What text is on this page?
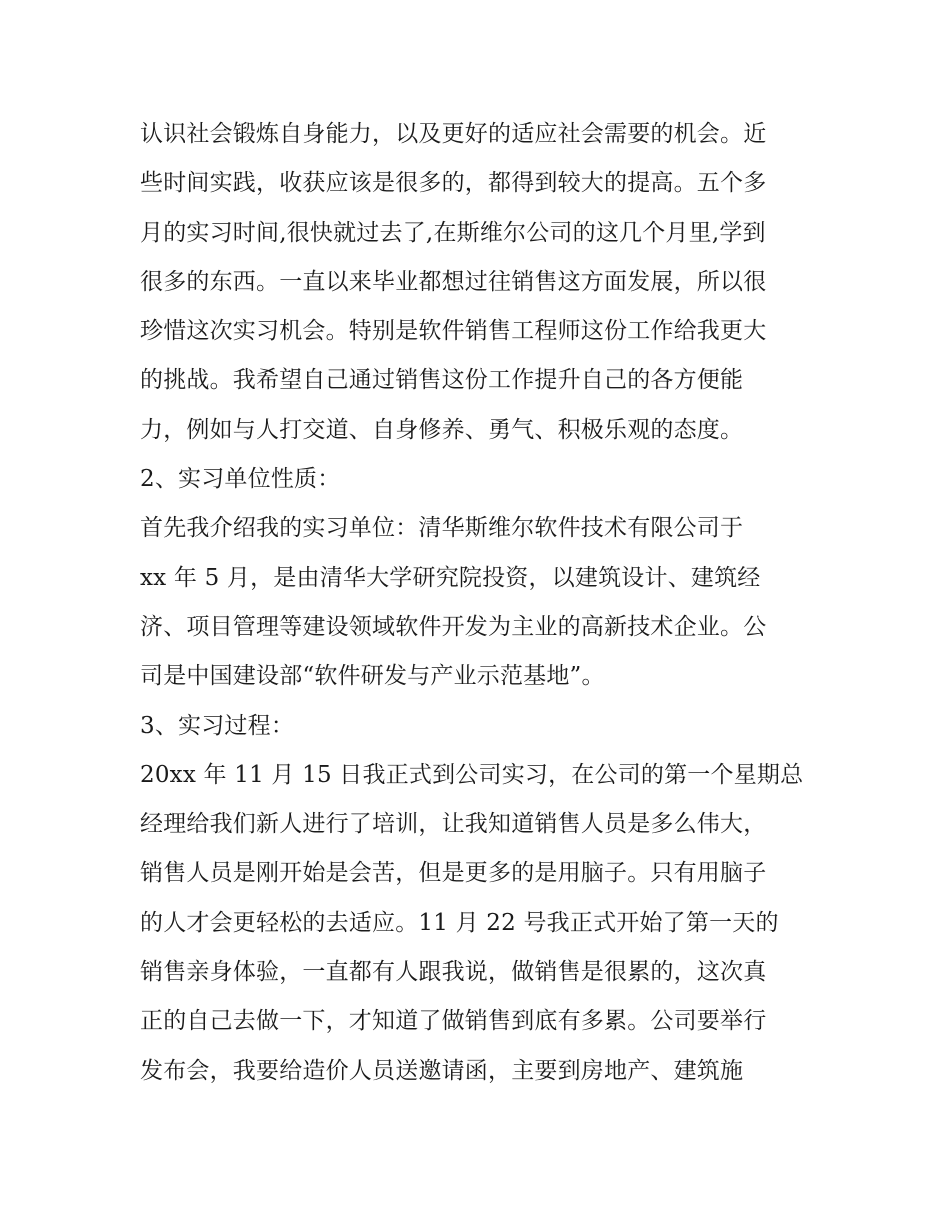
认识社会锻炼自身能力，以及更好的适应社会需要的机会。近
些时间实践，收获应该是很多的，都得到较大的提高。五个多
月的实习时间,很快就过去了,在斯维尔公司的这几个月里,学到
很多的东西。一直以来毕业都想过往销售这方面发展，所以很
珍惜这次实习机会。特别是软件销售工程师这份工作给我更大
的挑战。我希望自己通过销售这份工作提升自己的各方便能
力，例如与人打交道、自身修养、勇气、积极乐观的态度。
2、实习单位性质：
首先我介绍我的实习单位：清华斯维尔软件技术有限公司于
xx 年 5 月，是由清华大学研究院投资，以建筑设计、建筑经
济、项目管理等建设领域软件开发为主业的高新技术企业。公
司是中国建设部“软件研发与产业示范基地”。
3、实习过程：
20xx 年 11 月 15 日我正式到公司实习，在公司的第一个星期总
经理给我们新人进行了培训，让我知道销售人员是多么伟大，
销售人员是刚开始是会苦，但是更多的是用脑子。只有用脑子
的人才会更轻松的去适应。11 月 22 号我正式开始了第一天的
销售亲身体验，一直都有人跟我说，做销售是很累的，这次真
正的自己去做一下，才知道了做销售到底有多累。公司要举行
发布会，我要给造价人员送邀请函，主要到房地产、建筑施
